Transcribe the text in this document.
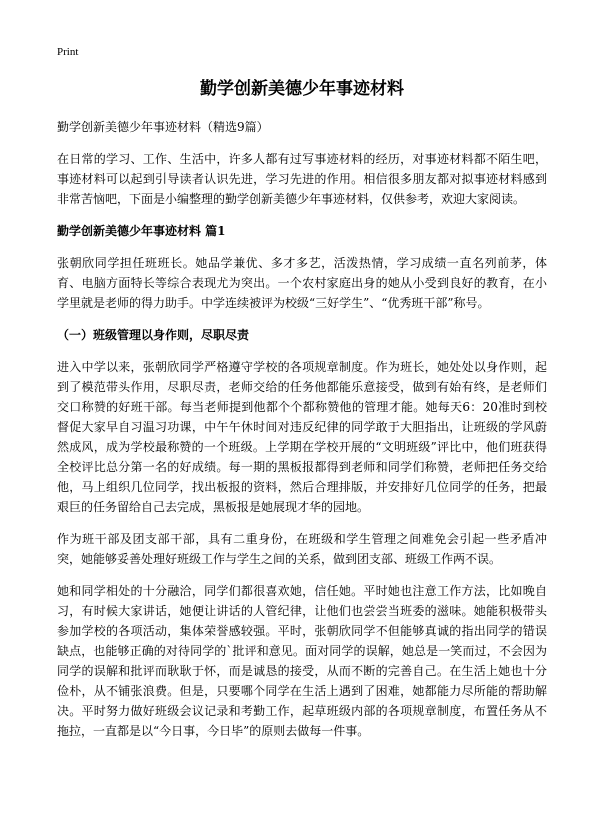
Print
勤学创新美德少年事迹材料
勤学创新美德少年事迹材料（精选9篇）

在日常的学习、工作、生活中，许多人都有过写事迹材料的经历，对事迹材料都不陌生吧，事迹材料可以起到引导读者认识先进，学习先进的作用。相信很多朋友都对拟事迹材料感到非常苦恼吧，下面是小编整理的勤学创新美德少年事迹材料，仅供参考，欢迎大家阅读。

勤学创新美德少年事迹材料 篇1

张朝欣同学担任班班长。她品学兼优、多才多艺，活泼热情，学习成绩一直名列前茅，体育、电脑方面特长等综合表现尤为突出。一个农村家庭出身的她从小受到良好的教育，在小学里就是老师的得力助手。中学连续被评为校级“三好学生”、“优秀班干部”称号。

（一）班级管理以身作则，尽职尽责

进入中学以来，张朝欣同学严格遵守学校的各项规章制度。作为班长，她处处以身作则，起到了模范带头作用，尽职尽责，老师交给的任务他都能乐意接受，做到有始有终，是老师们交口称赞的好班干部。每当老师提到他都个个都称赞他的管理才能。她每天6：20准时到校督促大家早自习温习功课，中午午休时间对违反纪律的同学敢于大胆指出，让班级的学风蔚然成风，成为学校最称赞的一个班级。上学期在学校开展的“文明班级”评比中，他们班获得全校评比总分第一名的好成绩。每一期的黑板报都得到老师和同学们称赞，老师把任务交给他，马上组织几位同学，找出板报的资料，然后合理排版，并安排好几位同学的任务，把最艰巨的任务留给自己去完成，黑板报是她展现才华的园地。

作为班干部及团支部干部，具有二重身份，在班级和学生管理之间难免会引起一些矛盾冲突，她能够妥善处理好班级工作与学生之间的关系，做到团支部、班级工作两不误。

她和同学相处的十分融洽，同学们都很喜欢她，信任她。平时她也注意工作方法，比如晚自习，有时候大家讲话，她便让讲话的人管纪律，让他们也尝尝当班委的滋味。她能积极带头参加学校的各项活动，集体荣誉感较强。平时，张朝欣同学不但能够真诚的指出同学的错误缺点，也能够正确的对待同学的`批评和意见。面对同学的误解，她总是一笑而过，不会因为同学的误解和批评而耿耿于怀，而是诚恳的接受，从而不断的完善自己。在生活上她也十分俭朴，从不铺张浪费。但是，只要哪个同学在生活上遇到了困难，她都能力尽所能的帮助解决。平时努力做好班级会议记录和考勤工作，起草班级内部的各项规章制度，布置任务从不拖拉，一直都是以“今日事，今日毕”的原则去做每一件事。
